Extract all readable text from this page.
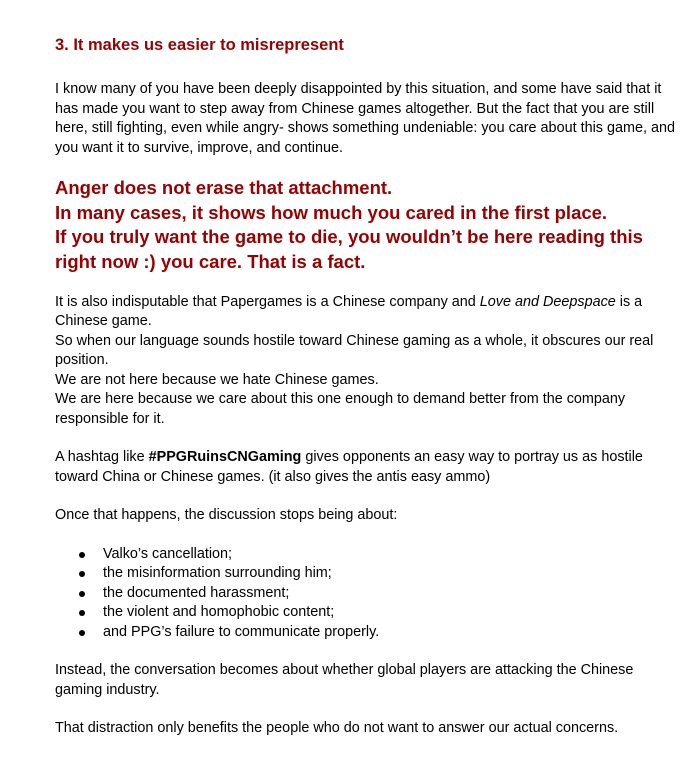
3. It makes us easier to misrepresent

I know many of you have been deeply disappointed by this situation, and some have said that it has made you want to step away from Chinese games altogether. But the fact that you are still here, still fighting, even while angry- shows something undeniable: you care about this game, and you want it to survive, improve, and continue.

Anger does not erase that attachment.

In many cases, it shows how much you cared in the first place.

If you truly want the game to die, you wouldn’t be here reading this right now :) you care. That is a fact.

It is also indisputable that Papergames is a Chinese company and Love and Deepspace is a Chinese game.

So when our language sounds hostile toward Chinese gaming as a whole, it obscures our real position.

We are not here because we hate Chinese games.

We are here because we care about this one enough to demand better from the company responsible for it.

A hashtag like #PPGRuinsCNGaming gives opponents an easy way to portray us as hostile toward China or Chinese games. (it also gives the antis easy ammo)

Once that happens, the discussion stops being about:

Valko’s cancellation;
the misinformation surrounding him;
the documented harassment;
the violent and homophobic content;
and PPG’s failure to communicate properly.

Instead, the conversation becomes about whether global players are attacking the Chinese gaming industry.

That distraction only benefits the people who do not want to answer our actual concerns.
